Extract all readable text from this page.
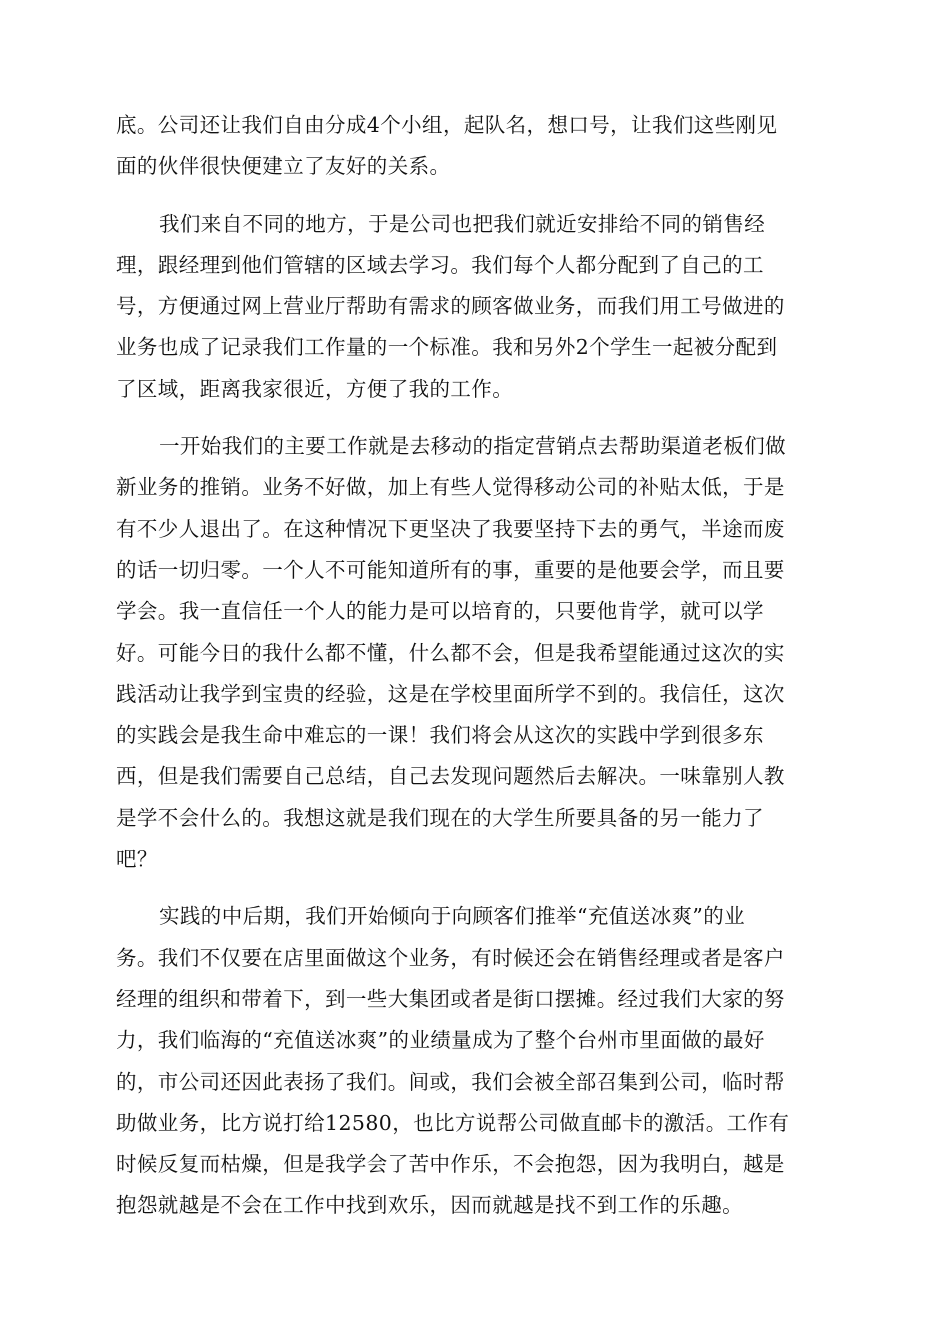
底。公司还让我们自由分成4个小组，起队名，想口号，让我们这些刚见
面的伙伴很快便建立了友好的关系。
我们来自不同的地方，于是公司也把我们就近安排给不同的销售经
理，跟经理到他们管辖的区域去学习。我们每个人都分配到了自己的工
号，方便通过网上营业厅帮助有需求的顾客做业务，而我们用工号做进的
业务也成了记录我们工作量的一个标准。我和另外2个学生一起被分配到
了区域，距离我家很近，方便了我的工作。
一开始我们的主要工作就是去移动的指定营销点去帮助渠道老板们做
新业务的推销。业务不好做，加上有些人觉得移动公司的补贴太低，于是
有不少人退出了。在这种情况下更坚决了我要坚持下去的勇气，半途而废
的话一切归零。一个人不可能知道所有的事，重要的是他要会学，而且要
学会。我一直信任一个人的能力是可以培育的，只要他肯学，就可以学
好。可能今日的我什么都不懂，什么都不会，但是我希望能通过这次的实
践活动让我学到宝贵的经验，这是在学校里面所学不到的。我信任，这次
的实践会是我生命中难忘的一课！我们将会从这次的实践中学到很多东
西，但是我们需要自己总结，自己去发现问题然后去解决。一味靠别人教
是学不会什么的。我想这就是我们现在的大学生所要具备的另一能力了
吧？
实践的中后期，我们开始倾向于向顾客们推举“充值送冰爽”的业
务。我们不仅要在店里面做这个业务，有时候还会在销售经理或者是客户
经理的组织和带着下，到一些大集团或者是街口摆摊。经过我们大家的努
力，我们临海的“充值送冰爽”的业绩量成为了整个台州市里面做的最好
的，市公司还因此表扬了我们。间或，我们会被全部召集到公司，临时帮
助做业务，比方说打给12580，也比方说帮公司做直邮卡的激活。工作有
时候反复而枯燥，但是我学会了苦中作乐，不会抱怨，因为我明白，越是
抱怨就越是不会在工作中找到欢乐，因而就越是找不到工作的乐趣。
